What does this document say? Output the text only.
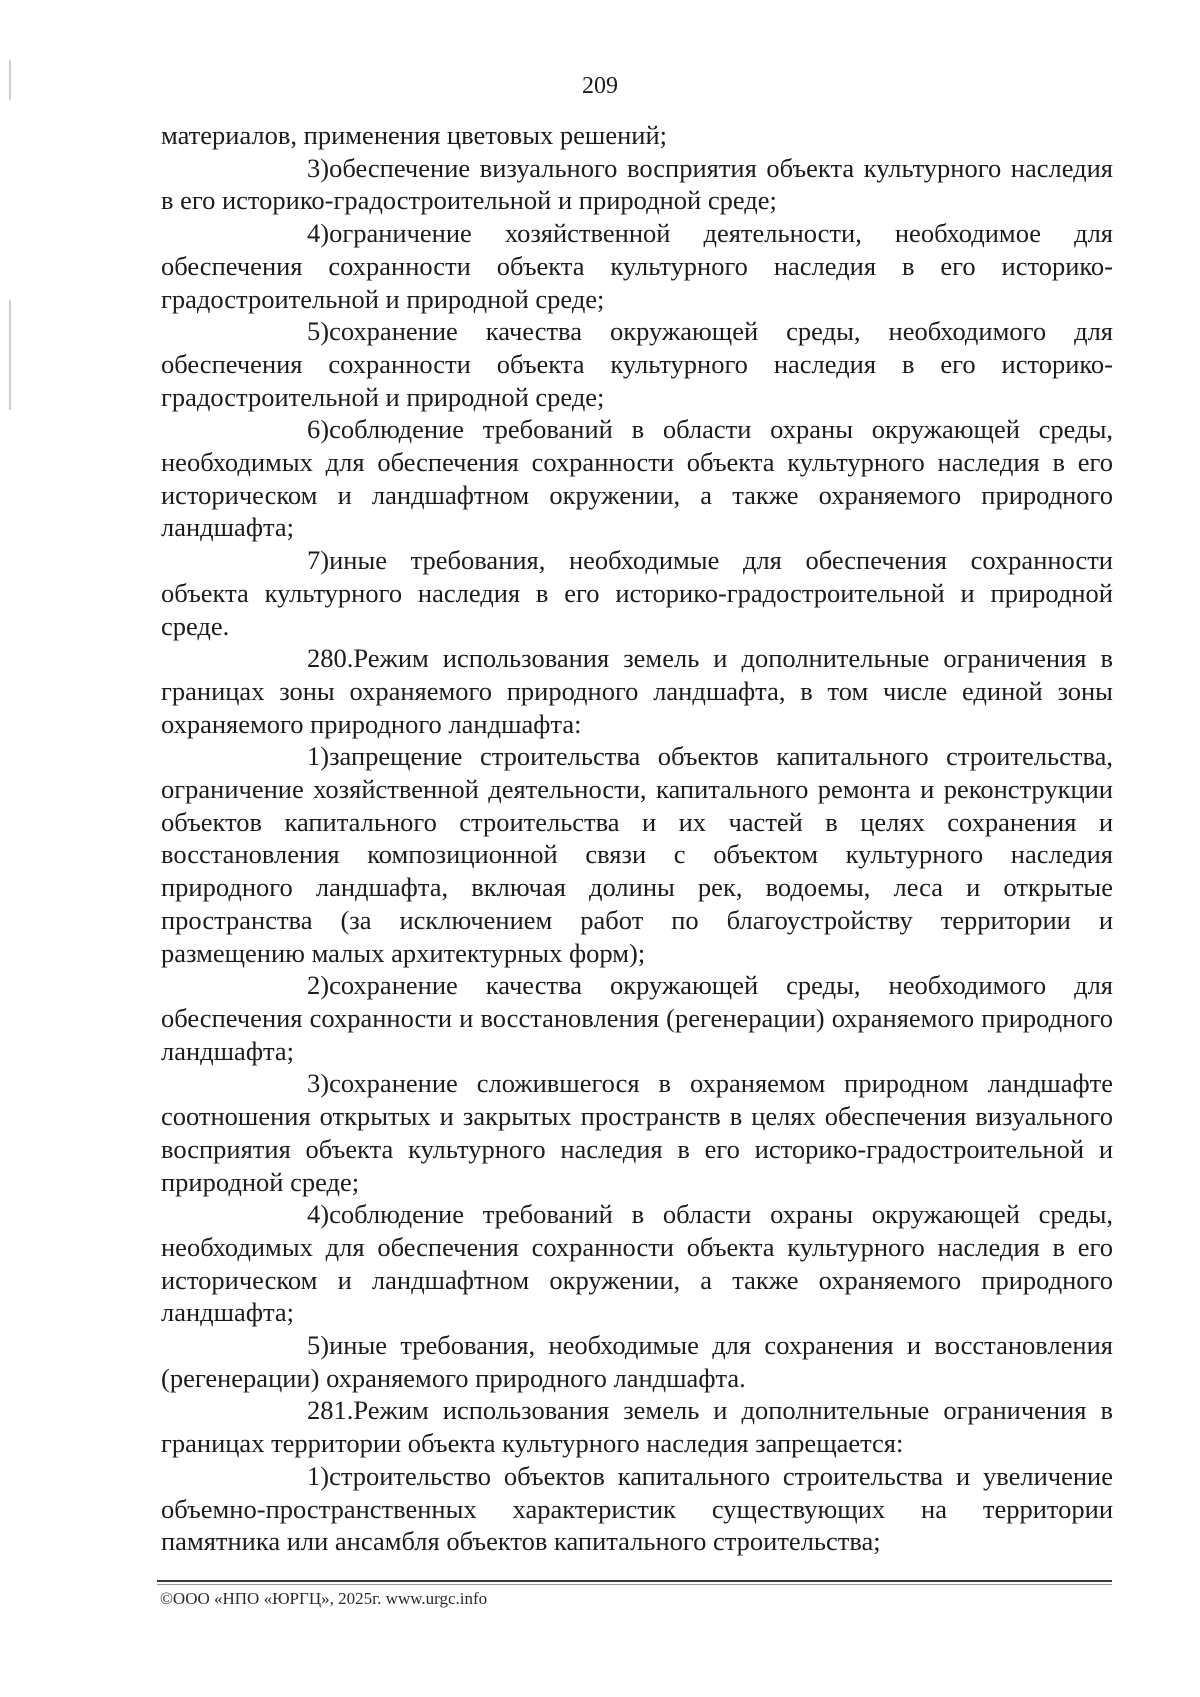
209

материалов, применения цветовых решений;

3)обеспечение визуального восприятия объекта культурного наследия в его историко-градостроительной и природной среде;

4)ограничение хозяйственной деятельности, необходимое для обеспечения сохранности объекта культурного наследия в его историко-градостроительной и природной среде;

5)сохранение качества окружающей среды, необходимого для обеспечения сохранности объекта культурного наследия в его историко-градостроительной и природной среде;

6)соблюдение требований в области охраны окружающей среды, необходимых для обеспечения сохранности объекта культурного наследия в его историческом и ландшафтном окружении, а также охраняемого природного ландшафта;

7)иные требования, необходимые для обеспечения сохранности объекта культурного наследия в его историко-градостроительной и природной среде.

280.Режим использования земель и дополнительные ограничения в границах зоны охраняемого природного ландшафта, в том числе единой зоны охраняемого природного ландшафта:

1)запрещение строительства объектов капитального строительства, ограничение хозяйственной деятельности, капитального ремонта и реконструкции объектов капитального строительства и их частей в целях сохранения и восстановления композиционной связи с объектом культурного наследия природного ландшафта, включая долины рек, водоемы, леса и открытые пространства (за исключением работ по благоустройству территории и размещению малых архитектурных форм);

2)сохранение качества окружающей среды, необходимого для обеспечения сохранности и восстановления (регенерации) охраняемого природного ландшафта;

3)сохранение сложившегося в охраняемом природном ландшафте соотношения открытых и закрытых пространств в целях обеспечения визуального восприятия объекта культурного наследия в его историко-градостроительной и природной среде;

4)соблюдение требований в области охраны окружающей среды, необходимых для обеспечения сохранности объекта культурного наследия в его историческом и ландшафтном окружении, а также охраняемого природного ландшафта;

5)иные требования, необходимые для сохранения и восстановления (регенерации) охраняемого природного ландшафта.

281.Режим использования земель и дополнительные ограничения в границах территории объекта культурного наследия запрещается:

1)строительство объектов капитального строительства и увеличение объемно-пространственных характеристик существующих на территории памятника или ансамбля объектов капитального строительства;

©ООО «НПО «ЮРГЦ», 2025г. www.urgc.info
